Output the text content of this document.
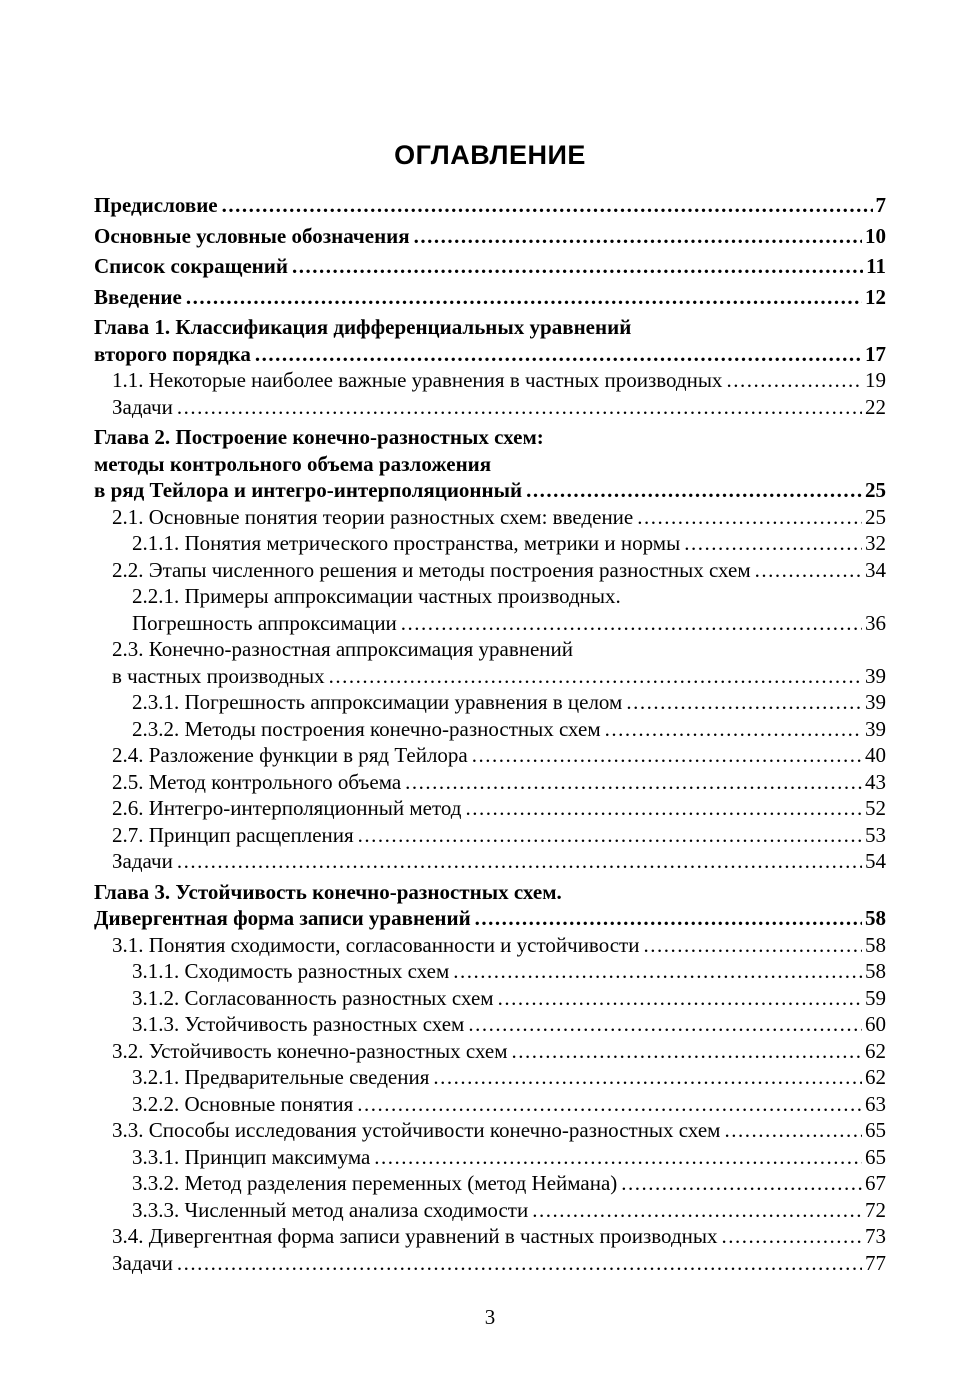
ОГЛАВЛЕНИЕ
Предисловие .....	7
Основные условные обозначения .....	10
Список сокращений .....	11
Введение .....	12
Глава 1. Классификация дифференциальных уравнений
второго порядка .....	17
1.1. Некоторые наиболее важные уравнения в частных производных .....	19
Задачи .....	22
Глава 2. Построение конечно-разностных схем:
методы контрольного объема разложения
в ряд Тейлора и интегро-интерполяционный .....	25
2.1. Основные понятия теории разностных схем: введение .....	25
2.1.1. Понятия метрического пространства, метрики и нормы .....	32
2.2. Этапы численного решения и методы построения разностных схем .....	34
2.2.1. Примеры аппроксимации частных производных.
Погрешность аппроксимации .....	36
2.3. Конечно-разностная аппроксимация уравнений
в частных производных .....	39
2.3.1. Погрешность аппроксимации уравнения в целом .....	39
2.3.2. Методы построения конечно-разностных схем .....	39
2.4. Разложение функции в ряд Тейлора .....	40
2.5. Метод контрольного объема .....	43
2.6. Интегро-интерполяционный метод .....	52
2.7. Принцип расщепления .....	53
Задачи .....	54
Глава 3. Устойчивость конечно-разностных схем.
Дивергентная форма записи уравнений .....	58
3.1. Понятия сходимости, согласованности и устойчивости .....	58
3.1.1. Сходимость разностных схем .....	58
3.1.2. Согласованность разностных схем .....	59
3.1.3. Устойчивость разностных схем .....	60
3.2. Устойчивость конечно-разностных схем .....	62
3.2.1. Предварительные сведения .....	62
3.2.2. Основные понятия .....	63
3.3. Способы исследования устойчивости конечно-разностных схем .....	65
3.3.1. Принцип максимума .....	65
3.3.2. Метод разделения переменных (метод Неймана) .....	67
3.3.3. Численный метод анализа сходимости .....	72
3.4. Дивергентная форма записи уравнений в частных производных .....	73
Задачи .....	77
3
